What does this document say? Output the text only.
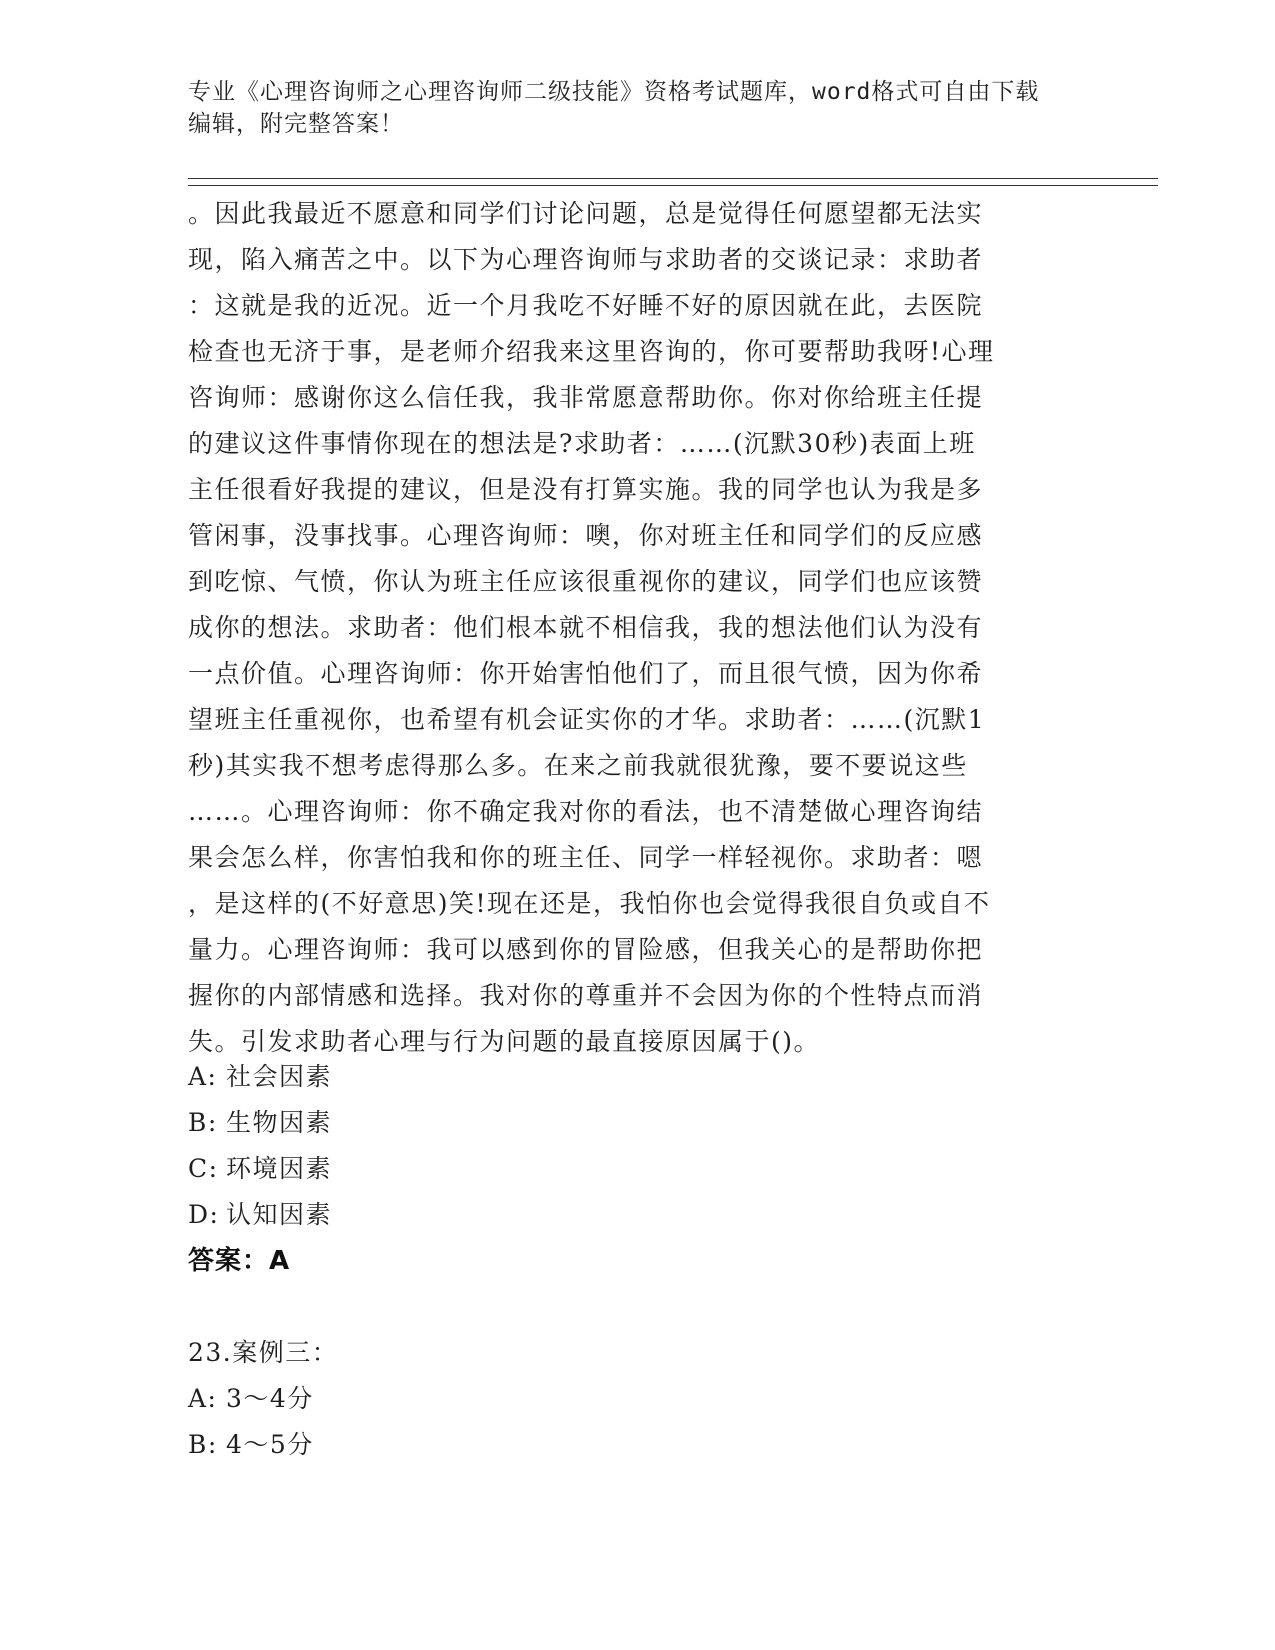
专业《心理咨询师之心理咨询师二级技能》资格考试题库，word格式可自由下载

编辑，附完整答案！

。因此我最近不愿意和同学们讨论问题，总是觉得任何愿望都无法实
现，陷入痛苦之中。以下为心理咨询师与求助者的交谈记录：求助者
：这就是我的近况。近一个月我吃不好睡不好的原因就在此，去医院
检查也无济于事，是老师介绍我来这里咨询的，你可要帮助我呀!心理
咨询师：感谢你这么信任我，我非常愿意帮助你。你对你给班主任提
的建议这件事情你现在的想法是?求助者：……(沉默30秒)表面上班
主任很看好我提的建议，但是没有打算实施。我的同学也认为我是多
管闲事，没事找事。心理咨询师：噢，你对班主任和同学们的反应感
到吃惊、气愤，你认为班主任应该很重视你的建议，同学们也应该赞
成你的想法。求助者：他们根本就不相信我，我的想法他们认为没有
一点价值。心理咨询师：你开始害怕他们了，而且很气愤，因为你希
望班主任重视你，也希望有机会证实你的才华。求助者：……(沉默1
秒)其实我不想考虑得那么多。在来之前我就很犹豫，要不要说这些
……。心理咨询师：你不确定我对你的看法，也不清楚做心理咨询结
果会怎么样，你害怕我和你的班主任、同学一样轻视你。求助者：嗯
，是这样的(不好意思)笑!现在还是，我怕你也会觉得我很自负或自不
量力。心理咨询师：我可以感到你的冒险感，但我关心的是帮助你把
握你的内部情感和选择。我对你的尊重并不会因为你的个性特点而消
失。引发求助者心理与行为问题的最直接原因属于()。
A: 社会因素
B: 生物因素
C: 环境因素
D: 认知因素
答案：A
23.案例三：
A: 3～4分
B: 4～5分
